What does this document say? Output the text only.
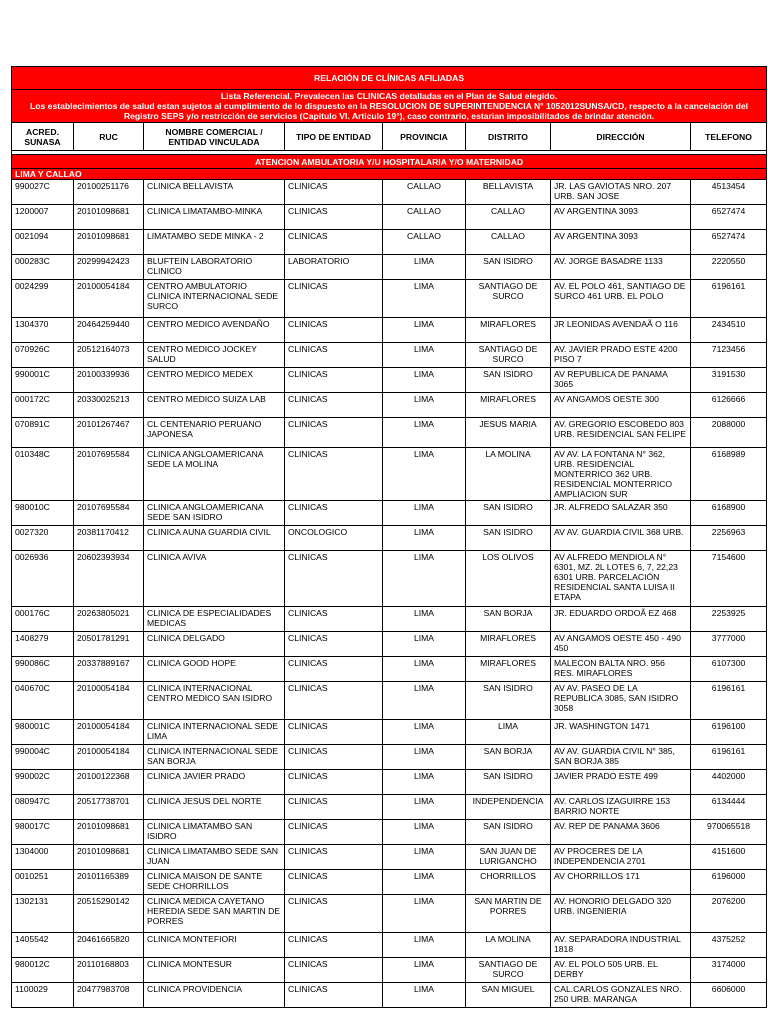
RELACIÓN DE CLÍNICAS AFILIADAS							
Lista Referencial. Prevalecen las CLINICAS detalladas en el Plan de Salud elegido.
Los establecimientos de salud estan sujetos al cumplimiento de lo dispuesto en la RESOLUCION DE SUPERINTENDENCIA N° 1052012SUNSA/CD, respecto a la cancelación del Registro SEPS y/o restricción de servicios (Capitulo VI. Articulo 19°), caso contrario, estarian imposibilitados de brindar atención.							
ACRED. SUNASA	RUC	NOMBRE COMERCIAL / ENTIDAD VINCULADA	TIPO DE ENTIDAD	PROVINCIA	DISTRITO	DIRECCIÓN	TELEFONO

ATENCION AMBULATORIA Y/U HOSPITALARIA Y/O MATERNIDAD							
LIMA Y CALLAO							
990027C	20100251176	CLINICA BELLAVISTA	CLINICAS	CALLAO	BELLAVISTA	JR. LAS GAVIOTAS NRO. 207 URB. SAN JOSE	4513454
1200007	20101098681	CLINICA LIMATAMBO-MINKA	CLINICAS	CALLAO	CALLAO	AV ARGENTINA 3093	6527474
0021094	20101098681	LIMATAMBO SEDE MINKA - 2	CLINICAS	CALLAO	CALLAO	AV ARGENTINA 3093	6527474
000283C	20299942423	BLUFTEIN LABORATORIO CLINICO	LABORATORIO	LIMA	SAN ISIDRO	AV. JORGE BASADRE 1133	2220550
0024299	20100054184	CENTRO AMBULATORIO CLINICA INTERNACIONAL SEDE SURCO	CLINICAS	LIMA	SANTIAGO DE SURCO	AV. EL POLO 461, SANTIAGO DE SURCO 461 URB. EL POLO	6196161
1304370	20464259440	CENTRO MEDICO AVENDAÑO	CLINICAS	LIMA	MIRAFLORES	JR LEONIDAS AVENDAÃ O 116	2434510
070926C	20512164073	CENTRO MEDICO JOCKEY SALUD	CLINICAS	LIMA	SANTIAGO DE SURCO	AV. JAVIER PRADO ESTE 4200 PISO 7	7123456
990001C	20100339936	CENTRO MEDICO MEDEX	CLINICAS	LIMA	SAN ISIDRO	AV REPUBLICA DE PANAMA 3065	3191530
000172C	20330025213	CENTRO MEDICO SUIZA LAB	CLINICAS	LIMA	MIRAFLORES	AV ANGAMOS OESTE 300	6126666
070891C	20101267467	CL CENTENARIO PERUANO JAPONESA	CLINICAS	LIMA	JESUS MARIA	AV. GREGORIO ESCOBEDO 803 URB. RESIDENCIAL SAN FELIPE	2088000
010348C	20107695584	CLINICA ANGLOAMERICANA SEDE LA MOLINA	CLINICAS	LIMA	LA MOLINA	AV AV. LA FONTANA N° 362, URB. RESIDENCIAL MONTERRICO 362 URB. RESIDENCIAL MONTERRICO AMPLIACION SUR	6168989
980010C	20107695584	CLINICA ANGLOAMERICANA SEDE SAN ISIDRO	CLINICAS	LIMA	SAN ISIDRO	JR. ALFREDO SALAZAR 350	6168900
0027320	20381170412	CLINICA AUNA GUARDIA CIVIL	ONCOLOGICO	LIMA	SAN ISIDRO	AV AV. GUARDIA CIVIL 368 URB.	2256963
0026936	20602393934	CLINICA AVIVA	CLINICAS	LIMA	LOS OLIVOS	AV ALFREDO MENDIOLA N° 6301, MZ. 2L LOTES 6, 7, 22,23 6301 URB. PARCELACIÓN RESIDENCIAL SANTA LUISA II ETAPA	7154600
000176C	20263805021	CLINICA DE ESPECIALIDADES MEDICAS	CLINICAS	LIMA	SAN BORJA	JR. EDUARDO ORDOÃ EZ 468	2253925
1408279	20501781291	CLINICA DELGADO	CLINICAS	LIMA	MIRAFLORES	AV ANGAMOS OESTE 450 - 490 450	3777000
990086C	20337889167	CLINICA GOOD HOPE	CLINICAS	LIMA	MIRAFLORES	MALECON BALTA NRO. 956 RES. MIRAFLORES	6107300
040670C	20100054184	CLINICA INTERNACIONAL CENTRO MEDICO SAN ISIDRO	CLINICAS	LIMA	SAN ISIDRO	AV AV. PASEO DE LA REPUBLICA 3085, SAN ISIDRO 3058	6196161
980001C	20100054184	CLINICA INTERNACIONAL SEDE LIMA	CLINICAS	LIMA	LIMA	JR. WASHINGTON 1471	6196100
990004C	20100054184	CLINICA INTERNACIONAL SEDE SAN BORJA	CLINICAS	LIMA	SAN BORJA	AV AV. GUARDIA CIVIL N° 385, SAN BORJA 385	6196161
990002C	20100122368	CLINICA JAVIER PRADO	CLINICAS	LIMA	SAN ISIDRO	JAVIER PRADO ESTE 499	4402000
080947C	20517738701	CLINICA JESUS DEL NORTE	CLINICAS	LIMA	INDEPENDENCIA	AV. CARLOS IZAGUIRRE 153 BARRIO NORTE	6134444
980017C	20101098681	CLINICA LIMATAMBO SAN ISIDRO	CLINICAS	LIMA	SAN ISIDRO	AV. REP DE PANAMA 3606	970065518
1304000	20101098681	CLINICA LIMATAMBO SEDE SAN JUAN	CLINICAS	LIMA	SAN JUAN DE LURIGANCHO	AV PROCERES DE LA INDEPENDENCIA 2701	4151600
0010251	20101165389	CLINICA MAISON DE SANTE SEDE CHORRILLOS	CLINICAS	LIMA	CHORRILLOS	AV CHORRILLOS 171	6196000
1302131	20515290142	CLINICA MEDICA CAYETANO HEREDIA SEDE SAN MARTIN DE PORRES	CLINICAS	LIMA	SAN MARTIN DE PORRES	AV. HONORIO DELGADO 320 URB. INGENIERIA	2076200
1405542	20461665820	CLINICA MONTEFIORI	CLINICAS	LIMA	LA MOLINA	AV. SEPARADORA INDUSTRIAL 1818	4375252
980012C	20110168803	CLINICA MONTESUR	CLINICAS	LIMA	SANTIAGO DE SURCO	AV. EL POLO 505 URB. EL DERBY	3174000
1100029	20477983708	CLINICA PROVIDENCIA	CLINICAS	LIMA	SAN MIGUEL	CAL.CARLOS GONZALES NRO. 250 URB. MARANGA	6606000
